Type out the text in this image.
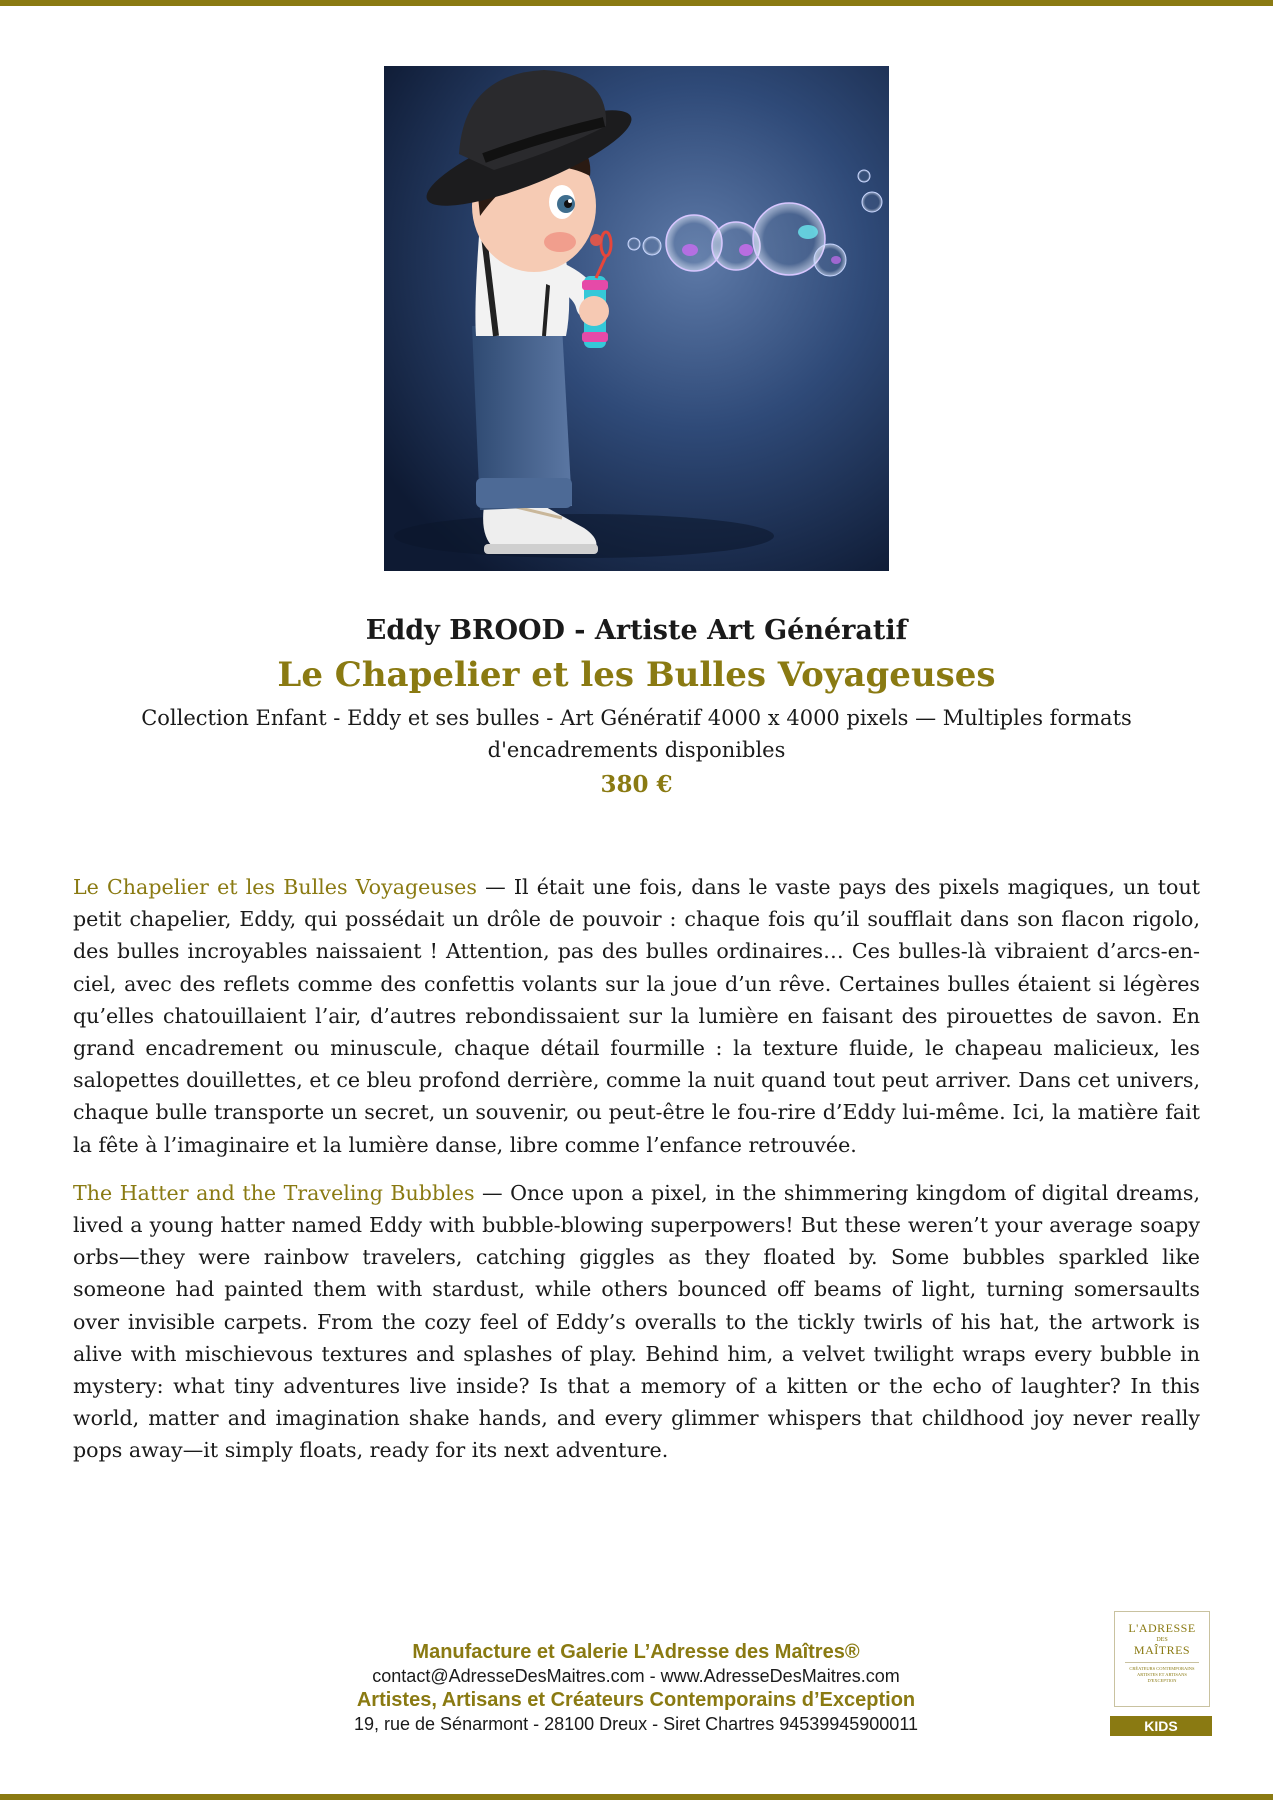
Eddy BROOD - Artiste Art Génératif
Le Chapelier et les Bulles Voyageuses
Collection Enfant - Eddy et ses bulles - Art Génératif 4000 x 4000 pixels — Multiples formats d'encadrements disponibles
380 €

Le Chapelier et les Bulles Voyageuses — Il était une fois, dans le vaste pays des pixels magiques, un tout petit chapelier, Eddy, qui possédait un drôle de pouvoir : chaque fois qu’il soufflait dans son flacon rigolo, des bulles incroyables naissaient ! Attention, pas des bulles ordinaires… Ces bulles-là vibraient d’arcs-en-ciel, avec des reflets comme des confettis volants sur la joue d’un rêve. Certaines bulles étaient si légères qu’elles chatouillaient l’air, d’autres rebondissaient sur la lumière en faisant des pirouettes de savon. En grand encadrement ou minuscule, chaque détail fourmille : la texture fluide, le chapeau malicieux, les salopettes douillettes, et ce bleu profond derrière, comme la nuit quand tout peut arriver. Dans cet univers, chaque bulle transporte un secret, un souvenir, ou peut-être le fou-rire d’Eddy lui-même. Ici, la matière fait la fête à l’imaginaire et la lumière danse, libre comme l’enfance retrouvée.

The Hatter and the Traveling Bubbles — Once upon a pixel, in the shimmering kingdom of digital dreams, lived a young hatter named Eddy with bubble-blowing superpowers! But these weren’t your average soapy orbs—they were rainbow travelers, catching giggles as they floated by. Some bubbles sparkled like someone had painted them with stardust, while others bounced off beams of light, turning somersaults over invisible carpets. From the cozy feel of Eddy’s overalls to the tickly twirls of his hat, the artwork is alive with mischievous textures and splashes of play. Behind him, a velvet twilight wraps every bubble in mystery: what tiny adventures live inside? Is that a memory of a kitten or the echo of laughter? In this world, matter and imagination shake hands, and every glimmer whispers that childhood joy never really pops away—it simply floats, ready for its next adventure.

Manufacture et Galerie L’Adresse des Maîtres®
contact@AdresseDesMaitres.com - www.AdresseDesMaitres.com
Artistes, Artisans et Créateurs Contemporains d’Exception
19, rue de Sénarmont - 28100 Dreux - Siret Chartres 94539945900011
L'ADRESSE
DES
MAÎTRES
CRÉATEURS CONTEMPORAINS ARTISTES ET ARTISANS D'EXCEPTION
KIDS
